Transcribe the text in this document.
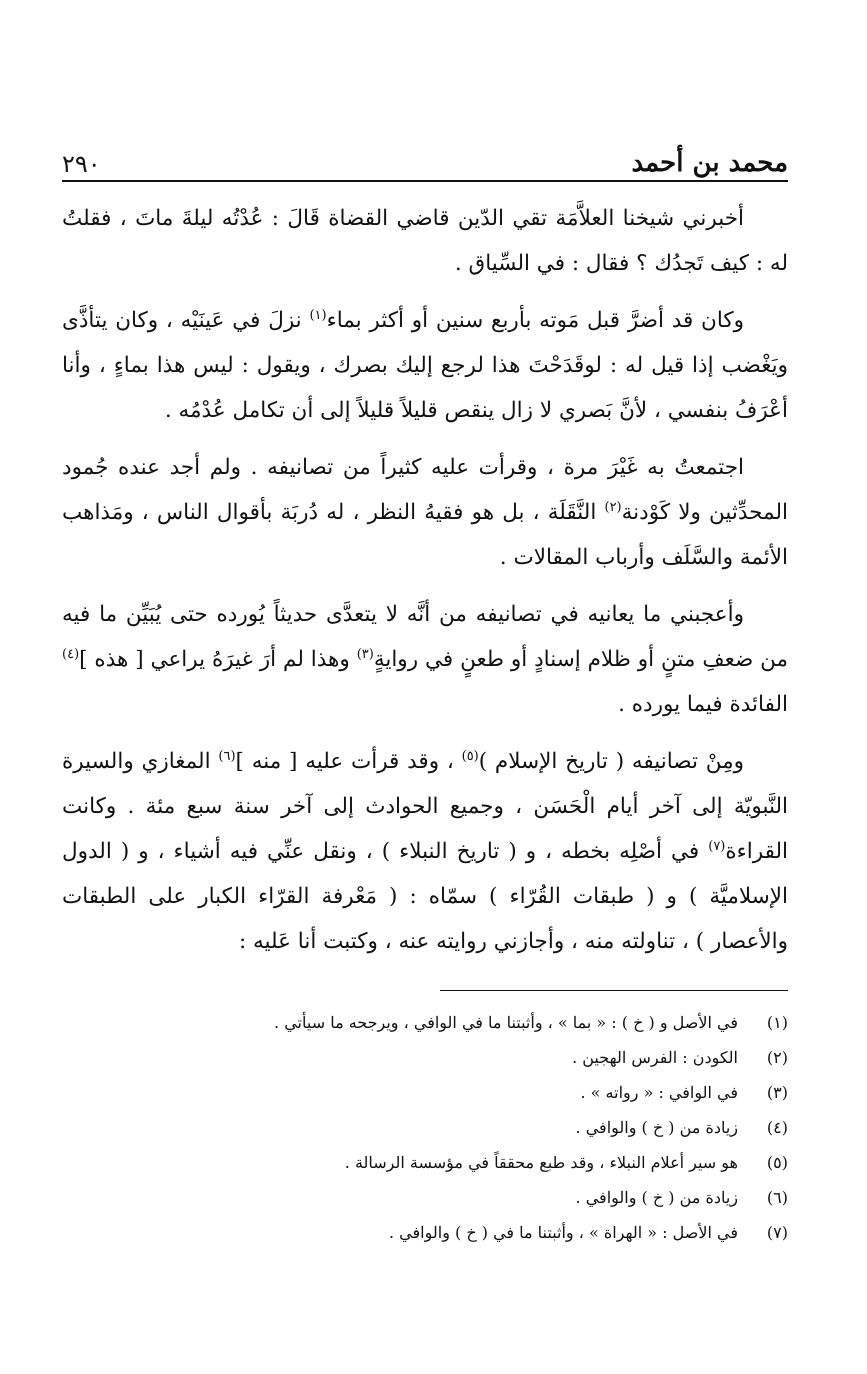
محمد بن أحمد
٢٩٠

أخبرني شيخنا العلاَّمَة تقي الدّين قاضي القضاة قَالَ : عُدْتُه ليلةَ ماتَ ، فقلتُ له : كيف تَجدُك ؟ فقال : في السِّياق .

وكان قد أضرَّ قبل مَوته بأربع سنين أو أكثر بماء$^{(١)}$ نزلَ في عَينَيْه ، وكان يتأذَّى ويَغْضب إذا قيل له : لوقَدَحْتَ هذا لرجع إليك بصرك ، ويقول : ليس هذا بماءٍ ، وأنا أعْرَفُ بنفسي ، لأنَّ بَصري لا زال ينقص قليلاً قليلاً إلى أن تكامل عُدْمُه .

اجتمعتُ به غَيْرَ مرة ، وقرأت عليه كثيراً من تصانيفه . ولم أجد عنده جُمود المحدِّثين ولا كَوْدنة$^{(٢)}$ النَّقَلَة ، بل هو فقيهُ النظر ، له دُربَة بأقوال الناس ، ومَذاهب الأئمة والسَّلَف وأرباب المقالات .

وأعجبني ما يعانيه في تصانيفه من أنَّه لا يتعدَّى حديثاً يُورده حتى يُبَيِّن ما فيه من ضعفِ متنٍ أو ظلام إسنادٍ أو طعنٍ في روايةٍ$^{(٣)}$ وهذا لم أرَ غيرَهُ يراعي [ هذه ]$^{(٤)}$ الفائدة فيما يورده .

ومِنْ تصانيفه ( تاريخ الإسلام )$^{(٥)}$ ، وقد قرأت عليه [ منه ]$^{(٦)}$ المغازي والسيرة النَّبويّة إلى آخر أيام الْحَسَن ، وجميع الحوادث إلى آخر سنة سبع مئة . وكانت القراءة$^{(٧)}$ في أصْلِه بخطه ، و ( تاريخ النبلاء ) ، ونقل عنِّي فيه أشياء ، و ( الدول الإسلاميَّة ) و ( طبقات القُرّاء ) سمّاه : ( مَعْرفة القرّاء الكبار على الطبقات والأعصار ) ، تناولته منه ، وأجازني روايته عنه ، وكتبت أنا عَليه :

(١)
في الأصل و ( خ ) : « بما » ، وأثبتنا ما في الوافي ، ويرجحه ما سيأتي .
(٢)
الكودن : الفرس الهجين .
(٣)
في الوافي : « رواته » .
(٤)
زيادة من ( خ ) والوافي .
(٥)
هو سير أعلام النبلاء ، وقد طبع محققاً في مؤسسة الرسالة .
(٦)
زيادة من ( خ ) والوافي .
(٧)
في الأصل : « الهراة » ، وأثبتنا ما في ( خ ) والوافي .
